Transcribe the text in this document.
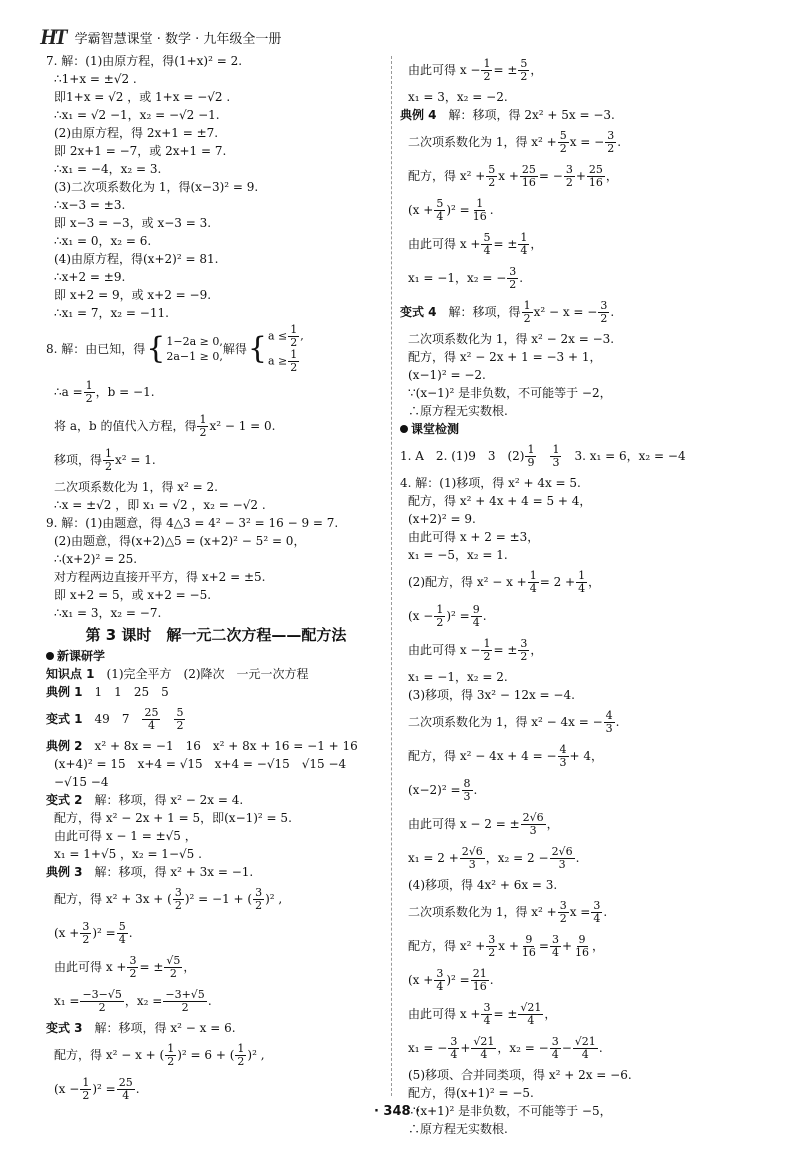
HT 学霸智慧课堂 · 数学 · 九年级全一册
7. 解：(1)由原方程，得(1+x)² = 2.
∴1+x = ±√2 .
即1+x = √2 ，或 1+x = −√2 .
∴x₁ = √2 −1，x₂ = −√2 −1.
(2)由原方程，得 2x+1 = ±7.
即 2x+1 = −7，或 2x+1 = 7.
∴x₁ = −4，x₂ = 3.
(3)二次项系数化为 1，得(x−3)² = 9.
∴x−3 = ±3.
即 x−3 = −3，或 x−3 = 3.
∴x₁ = 0，x₂ = 6.
(4)由原方程，得(x+2)² = 81.
∴x+2 = ±9.
即 x+2 = 9，或 x+2 = −9.
∴x₁ = 7，x₂ = −11.
8. 解：由已知，得 { 1−2a ≥ 0,
2a−1 ≥ 0,
解得 { $a \le \frac{1}{2}$ ,
$a \ge \frac{1}{2}$
∴a = $\frac{1}{2}$ ，b = −1.
将 a，b 的值代入方程，得 $\frac{1}{2} x^2 - 1 = 0$.
移项，得 $\frac{1}{2} x^2 = 1$.
二次项系数化为 1，得 x² = 2.
∴x = ±√2 ，即 x₁ = √2 ，x₂ = −√2 .
9. 解：(1)由题意，得 4△3 = 4² − 3² = 16 − 9 = 7.
(2)由题意，得(x+2)△5 = (x+2)² − 5² = 0，
∴(x+2)² = 25.
对方程两边直接开平方，得 x+2 = ±5.
即 x+2 = 5，或 x+2 = −5.
∴x₁ = 3，x₂ = −7.
第 3 课时　解一元二次方程——配方法
新课研学
知识点 1　 (1)完全平方　(2)降次　一元一次方程
典例 1　 1　1　25　5
变式 1
　 49　7
　 $\frac{25}{4}$
　 $\frac{5}{2}$
典例 2　 x² + 8x = −1　16　x² + 8x + 16 = −1 + 16
(x+4)² = 15　x+4 = √15　x+4 = −√15　√15 −4
−√15 −4
变式 2　 解：移项，得 x² − 2x = 4.
配方，得 x² − 2x + 1 = 5，即(x−1)² = 5.
由此可得 x − 1 = ±√5 ，
x₁ = 1+√5 ，x₂ = 1−√5 .
典例 3　 解：移项，得 x² + 3x = −1.
配方，得 x² + 3x + ( $\frac{3}{2} )^2 = -1$ + ( $\frac{3}{2} )^2$ ,
$(x + \frac{3}{2} )^2 = \frac{5}{4}$ .
由此可得 $x + \frac{3}{2}$ = ± $\frac{√5}{2}$ ，
$x_1 = \frac{-3-√5}{2}$ ，$x_2 = \frac{-3+√5}{2}$ .
变式 3　 解：移项，得 x² − x = 6.
配方，得 x² − x + ( $\frac{1}{2} )^2 = 6$ + ( $\frac{1}{2} )^2$ ,
$(x - \frac{1}{2} )^2 = \frac{25}{4}$ .
由此可得 $x - \frac{1}{2}$ = ± $\frac{5}{2}$ ，
x₁ = 3，x₂ = −2.
典例 4　 解：移项，得 2x² + 5x = −3.
二次项系数化为 1，得 $x^2 + \frac{5}{2}$ x = − $\frac{3}{2}$ .
配方，得 $x^2 + \frac{5}{2}$ $x + \frac{25}{16}$ = − $\frac{3}{2} + \frac{25}{16}$ ，
$(x + \frac{5}{4} )^2 = \frac{1}{16}$ .
由此可得 $x + \frac{5}{4}$ = ± $\frac{1}{4}$ ，
x₁ = −1，x₂ = − $\frac{3}{2}$ .
变式 4
　 解：移项，得 $\frac{1}{2} x^2 - x$ = − $\frac{3}{2}$ .
二次项系数化为 1，得 x² − 2x = −3.
配方，得 x² − 2x + 1 = −3 + 1，
(x−1)² = −2.
∵(x−1)² 是非负数，不可能等于 −2，
∴原方程无实数根.
课堂检测
1. A　2. (1)9　3　$(2) \frac{1}{9}$
　 $\frac{1}{3}$
　 3. x₁ = 6，x₂ = −4
4. 解：(1)移项，得 x² + 4x = 5.
配方，得 x² + 4x + 4 = 5 + 4，
(x+2)² = 9.
由此可得 x + 2 = ±3，
x₁ = −5，x₂ = 1.
(2)配方，得 $x^2 - x + \frac{1}{4} = 2 + \frac{1}{4}$ ，
$(x - \frac{1}{2} )^2 = \frac{9}{4}$ .
由此可得 $x - \frac{1}{2}$ = ± $\frac{3}{2}$ ，
x₁ = −1，x₂ = 2.
(3)移项，得 3x² − 12x = −4.
二次项系数化为 1，得 x² − 4x = − $\frac{4}{3}$ .
配方，得 x² − 4x + 4 = − $\frac{4}{3} + 4$，
$(x-2)^2 = \frac{8}{3}$ .
由此可得 x − 2 = ± $\frac{2√6}{3}$ ，
$x_1 = 2 + \frac{2√6}{3}$ ，$x_2 = 2 - \frac{2√6}{3}$ .
(4)移项，得 4x² + 6x = 3.
二次项系数化为 1，得 $x^2 + \frac{3}{2}$ $x = \frac{3}{4}$ .
配方，得 $x^2 + \frac{3}{2}$ $x + \frac{9}{16} = \frac{3}{4} + \frac{9}{16}$ ，
$(x + \frac{3}{4} )^2 = \frac{21}{16}$ .
由此可得 $x + \frac{3}{4}$ = ± $\frac{√21}{4}$ ，
x₁ = − $\frac{3}{4} + \frac{√21}{4}$ ，x₂ = − $\frac{3}{4} - \frac{√21}{4}$ .
(5)移项、合并同类项，得 x² + 2x = −6.
配方，得(x+1)² = −5.
∵(x+1)² 是非负数，不可能等于 −5，
∴原方程无实数根.
· 348 ·
